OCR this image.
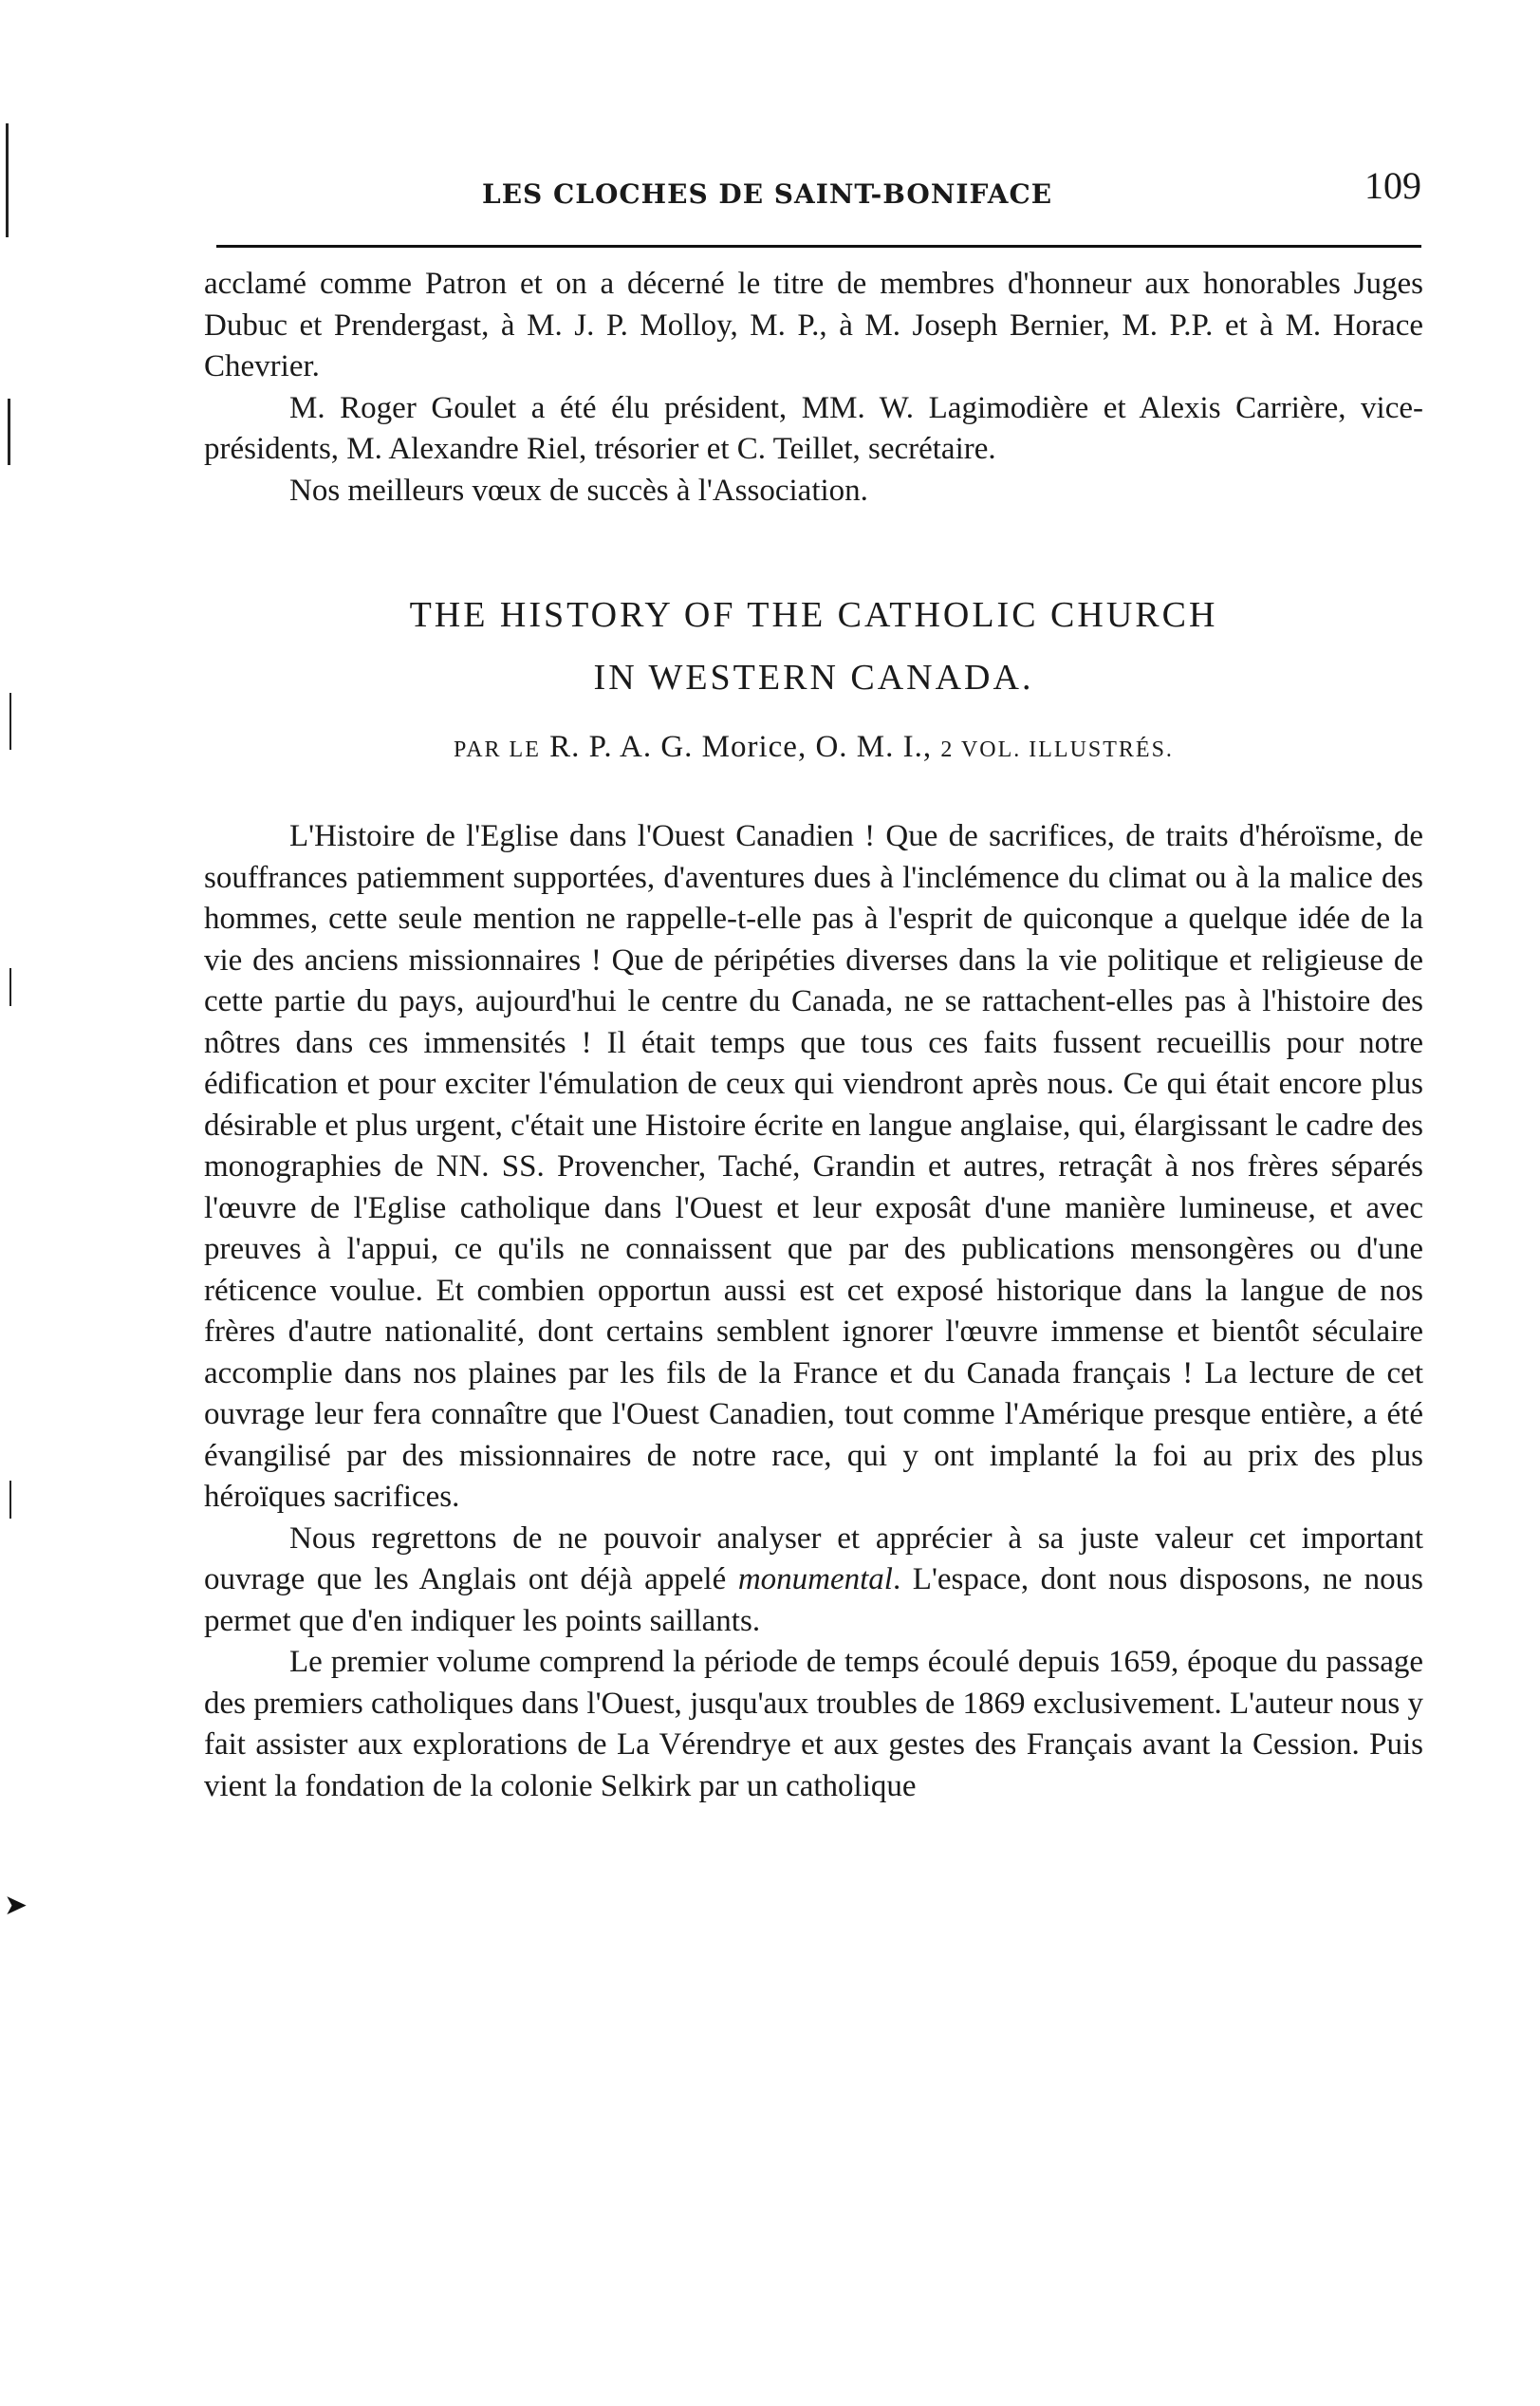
➤
LES CLOCHES DE SAINT-BONIFACE	109

acclamé comme Patron et on a décerné le titre de membres d'honneur aux honorables Juges Dubuc et Prendergast, à M. J. P. Molloy, M. P., à M. Joseph Bernier, M. P.P. et à M. Horace Chevrier.

M. Roger Goulet a été élu président, MM. W. Lagimodière et Alexis Carrière, vice-présidents, M. Alexandre Riel, trésorier et C. Teillet, secrétaire.

Nos meilleurs vœux de succès à l'Association.

THE HISTORY OF THE CATHOLIC CHURCH
IN WESTERN CANADA.
PAR LE R. P. A. G. Morice, O. M. I., 2 VOL. ILLUSTRÉS.

L'Histoire de l'Eglise dans l'Ouest Canadien ! Que de sacrifices, de traits d'héroïsme, de souffrances patiemment supportées, d'aventures dues à l'inclémence du climat ou à la malice des hommes, cette seule mention ne rappelle-t-elle pas à l'esprit de quiconque a quelque idée de la vie des anciens missionnaires ! Que de péripéties diverses dans la vie politique et religieuse de cette partie du pays, aujourd'hui le centre du Canada, ne se rattachent-elles pas à l'histoire des nôtres dans ces immensités ! Il était temps que tous ces faits fussent recueillis pour notre édification et pour exciter l'émulation de ceux qui viendront après nous. Ce qui était encore plus désirable et plus urgent, c'était une Histoire écrite en langue anglaise, qui, élargissant le cadre des monographies de NN. SS. Provencher, Taché, Grandin et autres, retraçât à nos frères séparés l'œuvre de l'Eglise catholique dans l'Ouest et leur exposât d'une manière lumineuse, et avec preuves à l'appui, ce qu'ils ne connaissent que par des publications mensongères ou d'une réticence voulue. Et combien opportun aussi est cet exposé historique dans la langue de nos frères d'autre nationalité, dont certains semblent ignorer l'œuvre immense et bientôt séculaire accomplie dans nos plaines par les fils de la France et du Canada français ! La lecture de cet ouvrage leur fera connaître que l'Ouest Canadien, tout comme l'Amérique presque entière, a été évangilisé par des missionnaires de notre race, qui y ont implanté la foi au prix des plus héroïques sacrifices.

Nous regrettons de ne pouvoir analyser et apprécier à sa juste valeur cet important ouvrage que les Anglais ont déjà appelé monumental. L'espace, dont nous disposons, ne nous permet que d'en indiquer les points saillants.

Le premier volume comprend la période de temps écoulé depuis 1659, époque du passage des premiers catholiques dans l'Ouest, jusqu'aux troubles de 1869 exclusivement. L'auteur nous y fait assister aux explorations de La Vérendrye et aux gestes des Français avant la Cession. Puis vient la fondation de la colonie Selkirk par un catholique
